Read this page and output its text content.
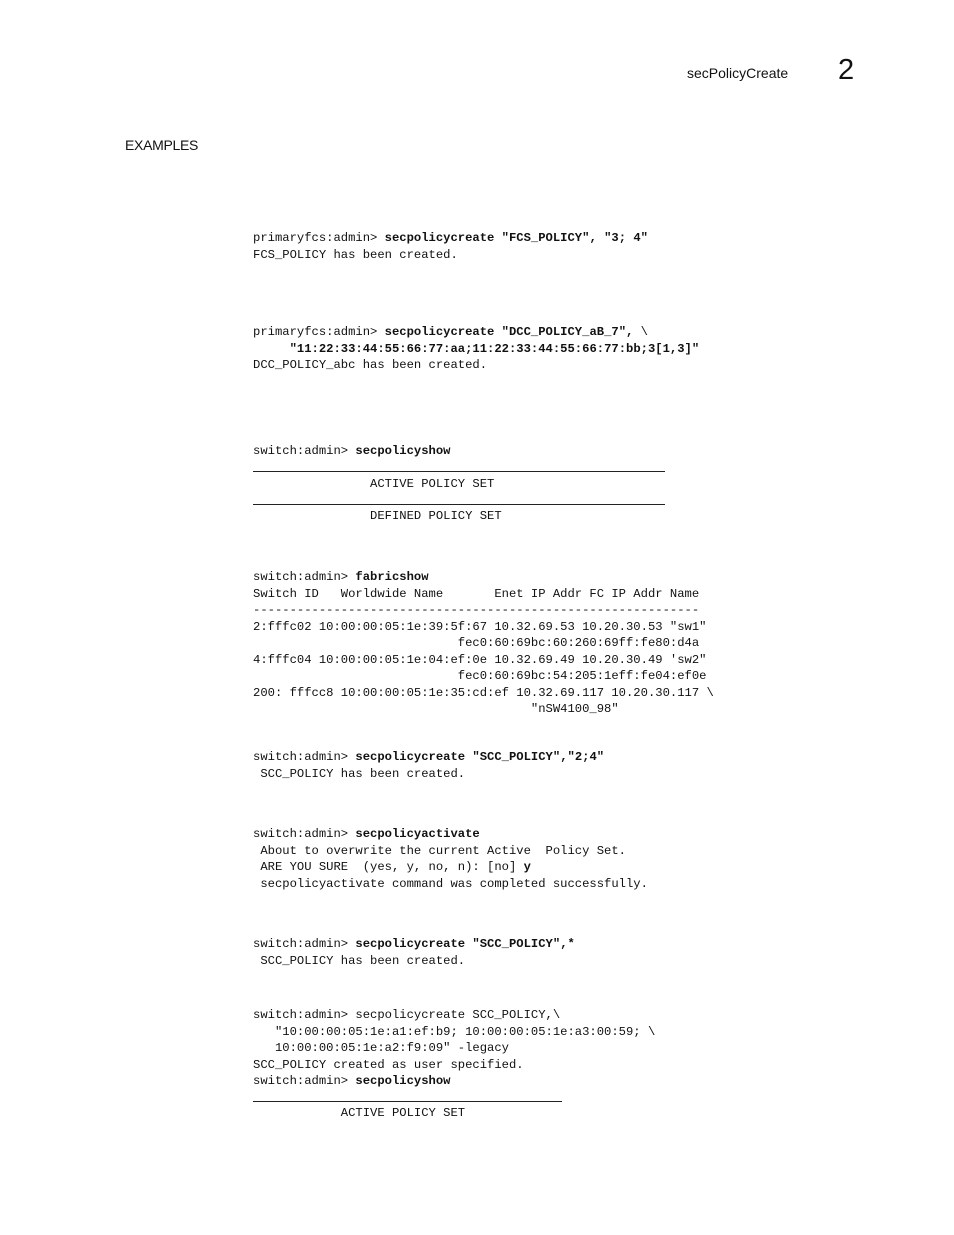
secPolicyCreate 2
EXAMPLES
primaryfcs:admin> secpolicycreate "FCS_POLICY", "3; 4"
FCS_POLICY has been created.
primaryfcs:admin> secpolicycreate "DCC_POLICY_aB_7", \
"11:22:33:44:55:66:77:aa;11:22:33:44:55:66:77:bb;3[1,3]"
DCC_POLICY_abc has been created.
switch:admin> secpolicyshow
ACTIVE POLICY SET
DEFINED POLICY SET
switch:admin> fabricshow
Switch ID   Worldwide Name       Enet IP Addr FC IP Addr Name
-------------------------------------------------------------
2:fffc02 10:00:00:05:1e:39:5f:67 10.32.69.53 10.20.30.53 "sw1"
fec0:60:69bc:60:260:69ff:fe80:d4a
4:fffc04 10:00:00:05:1e:04:ef:0e 10.32.69.49 10.20.30.49 'sw2"
fec0:60:69bc:54:205:1eff:fe04:ef0e
200: fffcc8 10:00:00:05:1e:35:cd:ef 10.32.69.117 10.20.30.117 \
"nSW4100_98"
switch:admin> secpolicycreate "SCC_POLICY","2;4"
SCC_POLICY has been created.
switch:admin> secpolicyactivate
About to overwrite the current Active  Policy Set.
ARE YOU SURE  (yes, y, no, n): [no] y
secpolicyactivate command was completed successfully.
switch:admin> secpolicycreate "SCC_POLICY",*
SCC_POLICY has been created.
switch:admin> secpolicycreate SCC_POLICY,\
"10:00:00:05:1e:a1:ef:b9; 10:00:00:05:1e:a3:00:59; \
10:00:00:05:1e:a2:f9:09" -legacy
SCC_POLICY created as user specified.
switch:admin> secpolicyshow
ACTIVE POLICY SET
